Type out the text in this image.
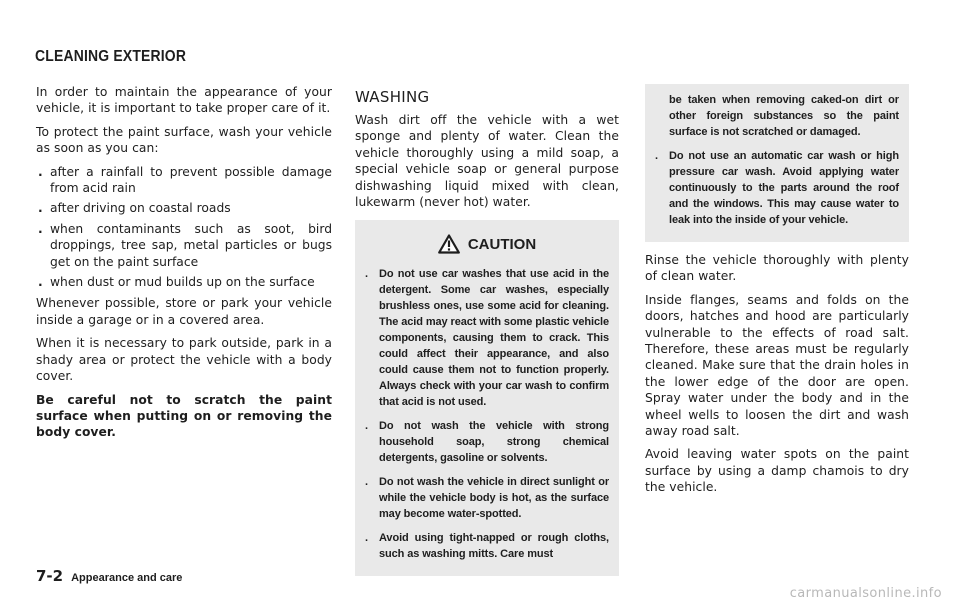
CLEANING EXTERIOR

In order to maintain the appearance of your vehicle, it is important to take proper care of it.

To protect the paint surface, wash your vehicle as soon as you can:

. after a rainfall to prevent possible damage from acid rain
. after driving on coastal roads
. when contaminants such as soot, bird droppings, tree sap, metal particles or bugs get on the paint surface
. when dust or mud builds up on the surface

Whenever possible, store or park your vehicle inside a garage or in a covered area.

When it is necessary to park outside, park in a shady area or protect the vehicle with a body cover.

Be careful not to scratch the paint surface when putting on or removing the body cover.

WASHING

Wash dirt off the vehicle with a wet sponge and plenty of water. Clean the vehicle thoroughly using a mild soap, a special vehicle soap or general purpose dishwashing liquid mixed with clean, lukewarm (never hot) water.

CAUTION
. Do not use car washes that use acid in the detergent. Some car washes, especially brushless ones, use some acid for cleaning. The acid may react with some plastic vehicle components, causing them to crack. This could affect their appearance, and also could cause them not to function properly. Always check with your car wash to confirm that acid is not used.
. Do not wash the vehicle with strong household soap, strong chemical detergents, gasoline or solvents.
. Do not wash the vehicle in direct sunlight or while the vehicle body is hot, as the surface may become water-spotted.
. Avoid using tight-napped or rough cloths, such as washing mitts. Care must
be taken when removing caked-on dirt or other foreign substances so the paint surface is not scratched or damaged.
. Do not use an automatic car wash or high pressure car wash. Avoid applying water continuously to the parts around the roof and the windows. This may cause water to leak into the inside of your vehicle.

Rinse the vehicle thoroughly with plenty of clean water.

Inside flanges, seams and folds on the doors, hatches and hood are particularly vulnerable to the effects of road salt. Therefore, these areas must be regularly cleaned. Make sure that the drain holes in the lower edge of the door are open. Spray water under the body and in the wheel wells to loosen the dirt and wash away road salt.

Avoid leaving water spots on the paint surface by using a damp chamois to dry the vehicle.

7-2 Appearance and care
carmanualsonline.info
